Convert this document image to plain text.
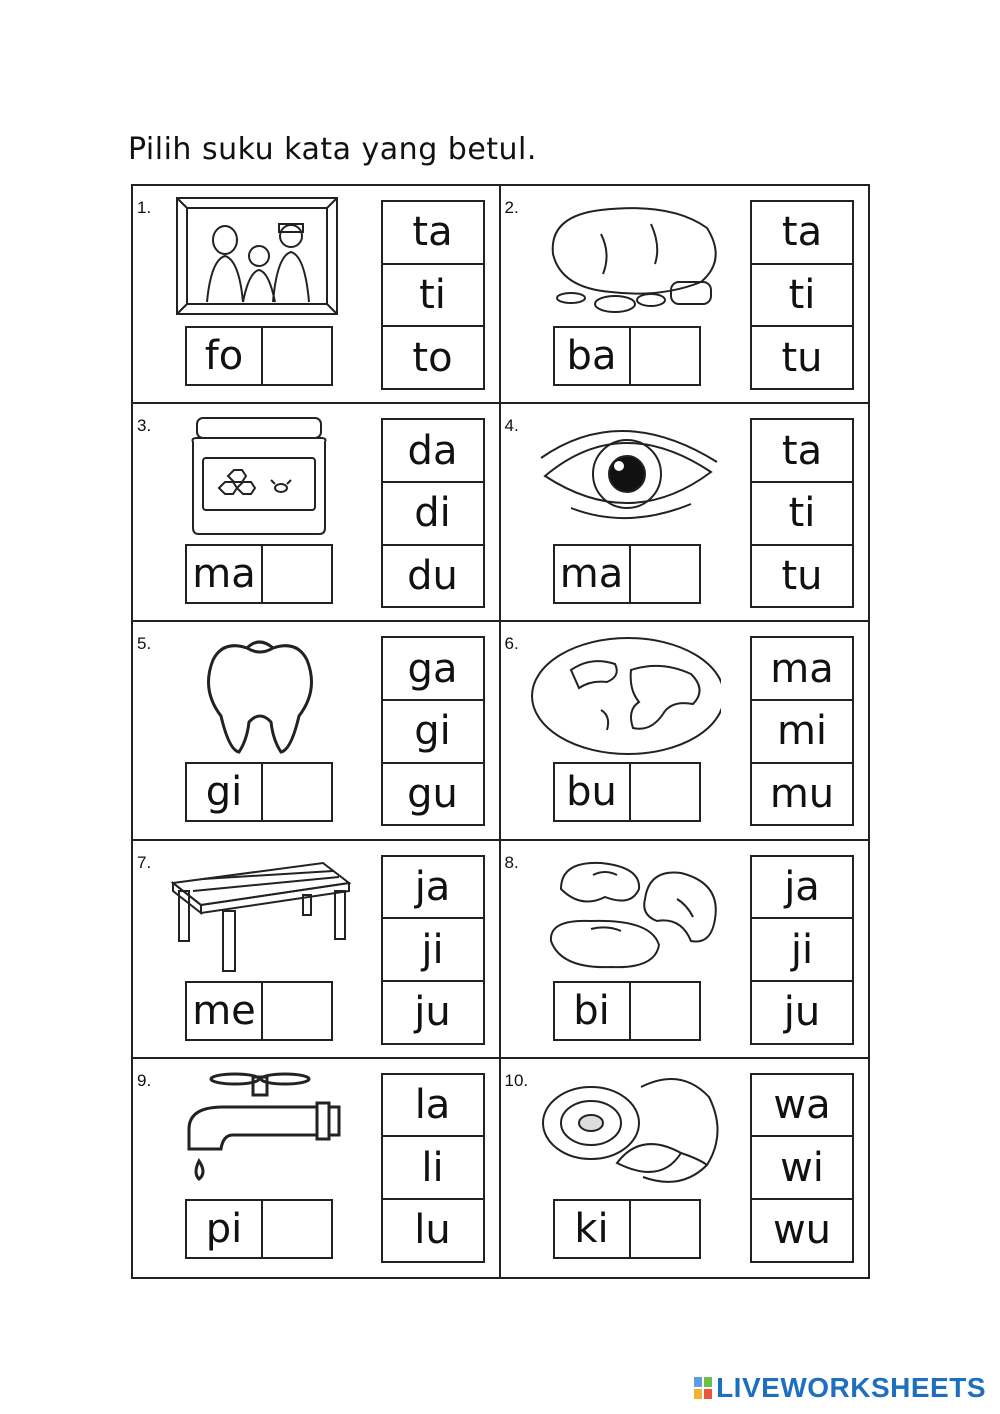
Pilih suku kata yang betul.
1.
fo
ta
ti
to
2.
ba
ta
ti
tu
3.
ma
da
di
du
4.
ma
ta
ti
tu
5.
gi
ga
gi
gu
6.
bu
ma
mi
mu
7.
me
ja
ji
ju
8.
bi
ja
ji
ju
9.
pi
la
li
lu
10.
ki
wa
wi
wu
LIVEWORKSHEETS
